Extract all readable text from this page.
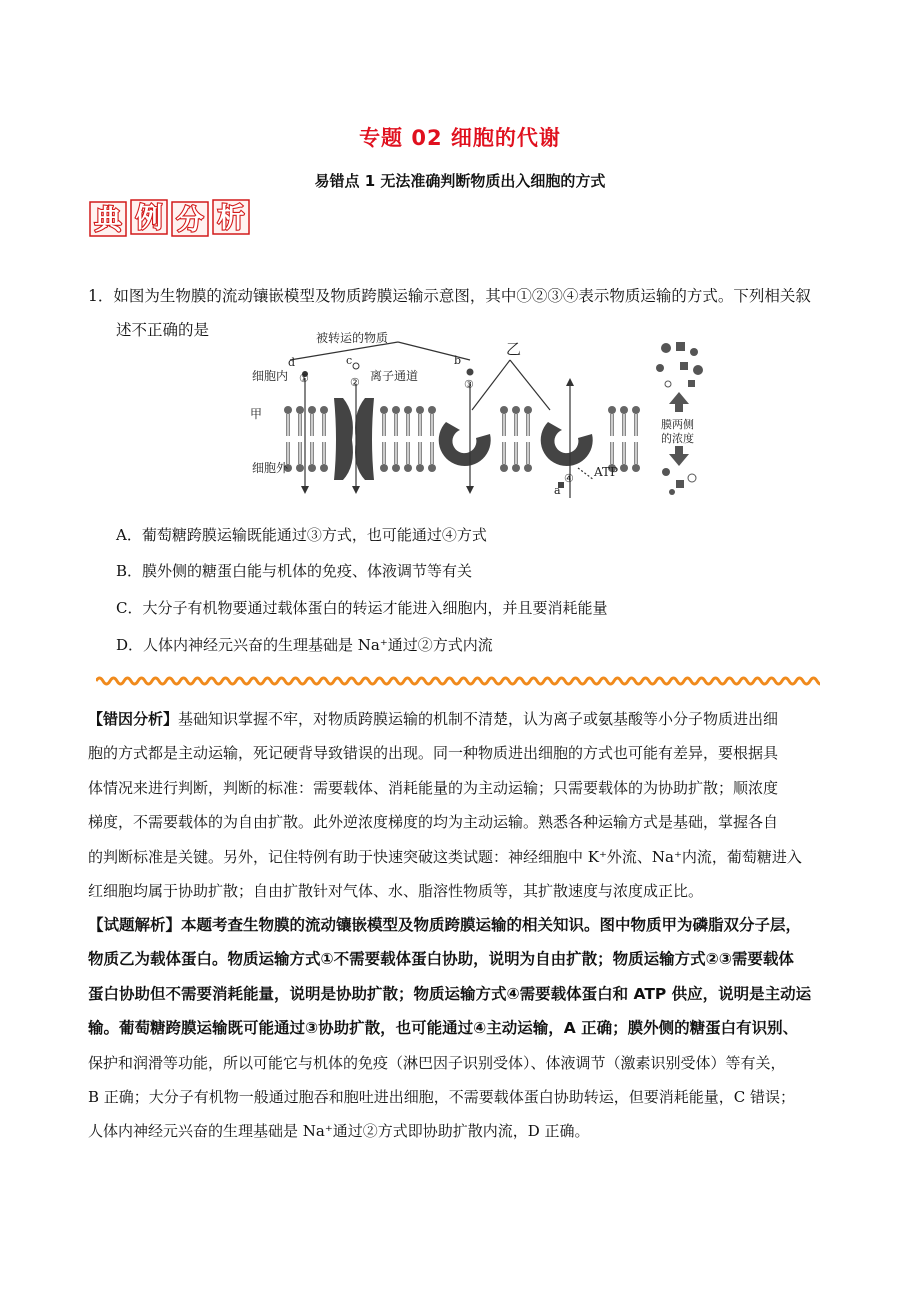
专题 02 细胞的代谢
易错点 1 无法准确判断物质出入细胞的方式
典 例 分 析
1．如图为生物膜的流动镶嵌模型及物质跨膜运输示意图，其中①②③④表示物质运输的方式。下列相关叙
述不正确的是	被转运的物质
d	c	b
a
乙
细胞内
甲
细胞外
离子通道
ATP
①	②	③
④
膜两侧
的浓度
A．葡萄糖跨膜运输既能通过③方式，也可能通过④方式
B．膜外侧的糖蛋白能与机体的免疫、体液调节等有关
C．大分子有机物要通过载体蛋白的转运才能进入细胞内，并且要消耗能量
D．人体内神经元兴奋的生理基础是 Na⁺通过②方式内流
【错因分析】基础知识掌握不牢，对物质跨膜运输的机制不清楚，认为离子或氨基酸等小分子物质进出细
胞的方式都是主动运输，死记硬背导致错误的出现。同一种物质进出细胞的方式也可能有差异，要根据具
体情况来进行判断，判断的标准：需要载体、消耗能量的为主动运输；只需要载体的为协助扩散；顺浓度
梯度，不需要载体的为自由扩散。此外逆浓度梯度的均为主动运输。熟悉各种运输方式是基础，掌握各自
的判断标准是关键。另外，记住特例有助于快速突破这类试题：神经细胞中 K⁺外流、Na⁺内流，葡萄糖进入
红细胞均属于协助扩散；自由扩散针对气体、水、脂溶性物质等，其扩散速度与浓度成正比。
【试题解析】本题考查生物膜的流动镶嵌模型及物质跨膜运输的相关知识。图中物质甲为磷脂双分子层，
物质乙为载体蛋白。物质运输方式①不需要载体蛋白协助，说明为自由扩散；物质运输方式②③需要载体
蛋白协助但不需要消耗能量，说明是协助扩散；物质运输方式④需要载体蛋白和 ATP 供应，说明是主动运
输。葡萄糖跨膜运输既可能通过③协助扩散，也可能通过④主动运输，A 正确；膜外侧的糖蛋白有识别、
保护和润滑等功能，所以可能它与机体的免疫（淋巴因子识别受体）、体液调节（激素识别受体）等有关，
B 正确；大分子有机物一般通过胞吞和胞吐进出细胞，不需要载体蛋白协助转运，但要消耗能量，C 错误；
人体内神经元兴奋的生理基础是 Na⁺通过②方式即协助扩散内流，D 正确。
